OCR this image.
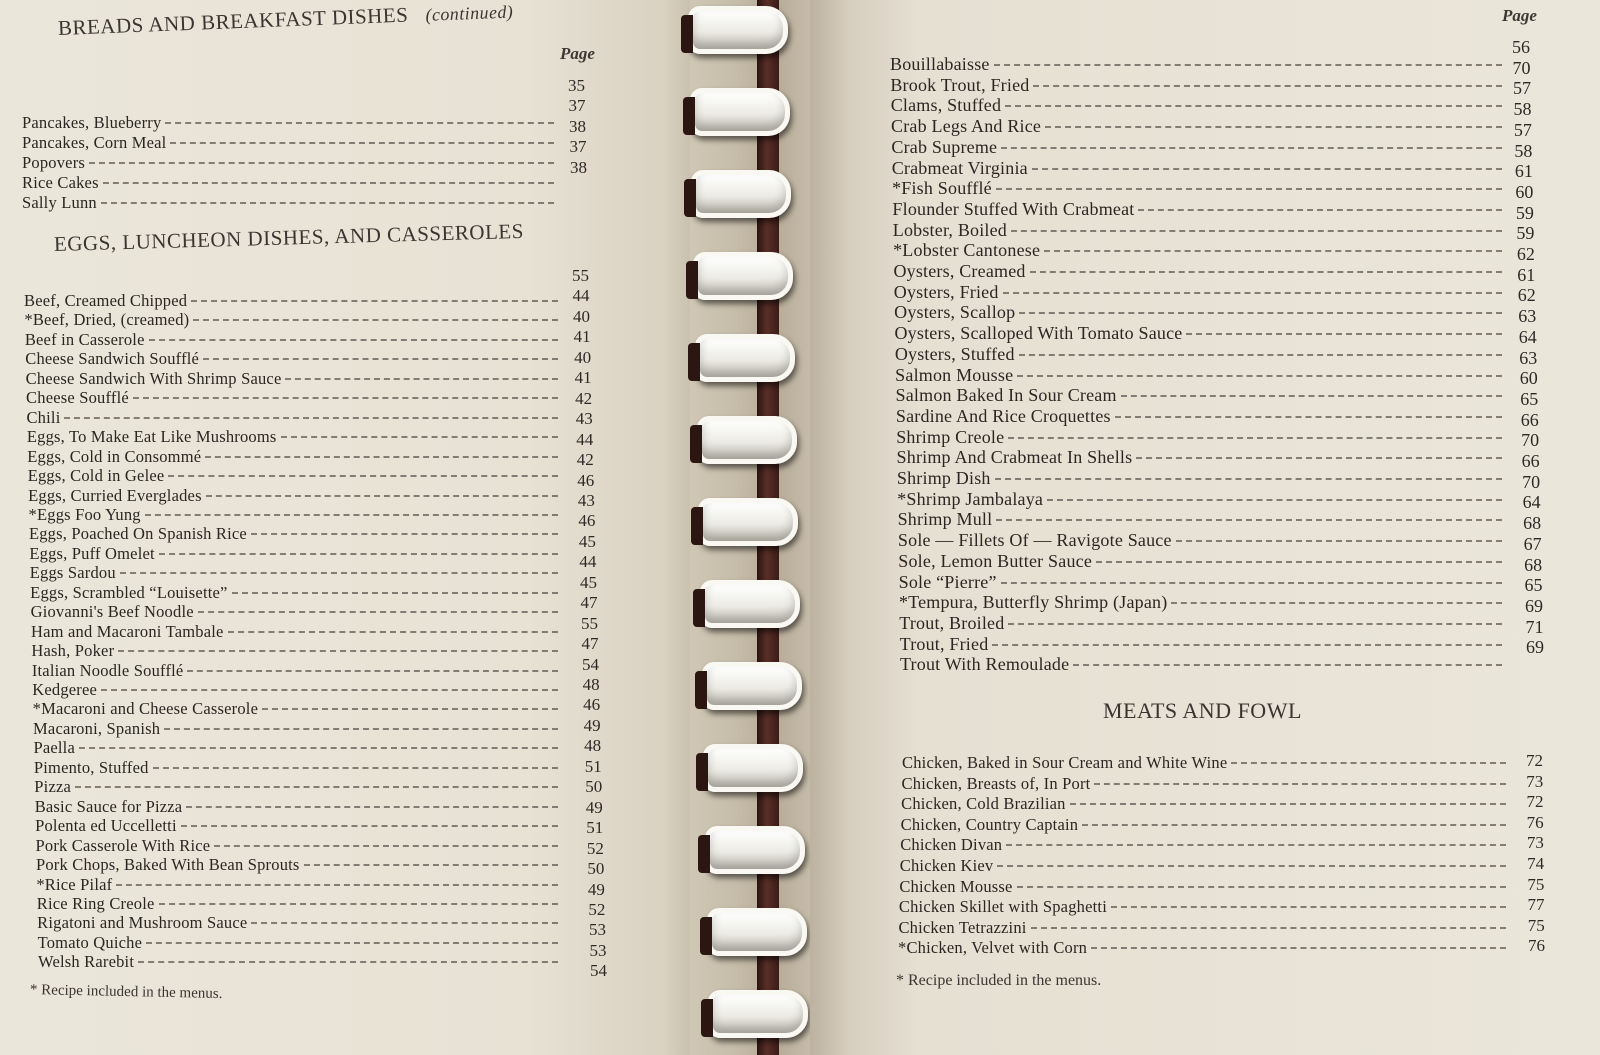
BREADS AND BREAKFAST DISHES (continued)
Page
35
37
38
37
38
Pancakes, Blueberry
Pancakes, Corn Meal
Popovers
Rice Cakes
Sally Lunn
EGGS, LUNCHEON DISHES, AND CASSEROLES
55
44
40
41
40
41
42
43
44
42
46
43
46
45
44
45
47
55
47
54
48
46
49
48
51
50
49
51
52
50
49
52
53
53
54
Beef, Creamed Chipped
*Beef, Dried, (creamed)
Beef in Casserole
Cheese Sandwich Soufflé
Cheese Sandwich With Shrimp Sauce
Cheese Soufflé
Chili
Eggs, To Make Eat Like Mushrooms
Eggs, Cold in Consommé
Eggs, Cold in Gelee
Eggs, Curried Everglades
*Eggs Foo Yung
Eggs, Poached On Spanish Rice
Eggs, Puff Omelet
Eggs Sardou
Eggs, Scrambled “Louisette”
Giovanni's Beef Noodle
Ham and Macaroni Tambale
Hash, Poker
Italian Noodle Soufflé
Kedgeree
*Macaroni and Cheese Casserole
Macaroni, Spanish
Paella
Pimento, Stuffed
Pizza
Basic Sauce for Pizza
Polenta ed Uccelletti
Pork Casserole With Rice
Pork Chops, Baked With Bean Sprouts
*Rice Pilaf
Rice Ring Creole
Rigatoni and Mushroom Sauce
Tomato Quiche
Welsh Rarebit
* Recipe included in the menus.
Page
56
70
57
58
57
58
61
60
59
59
62
61
62
63
64
63
60
65
66
70
66
70
64
68
67
68
65
69
71
69
Bouillabaisse
Brook Trout, Fried
Clams, Stuffed
Crab Legs And Rice
Crab Supreme
Crabmeat Virginia
*Fish Soufflé
Flounder Stuffed With Crabmeat
Lobster, Boiled
*Lobster Cantonese
Oysters, Creamed
Oysters, Fried
Oysters, Scallop
Oysters, Scalloped With Tomato Sauce
Oysters, Stuffed
Salmon Mousse
Salmon Baked In Sour Cream
Sardine And Rice Croquettes
Shrimp Creole
Shrimp And Crabmeat In Shells
Shrimp Dish
*Shrimp Jambalaya
Shrimp Mull
Sole — Fillets Of — Ravigote Sauce
Sole, Lemon Butter Sauce
Sole “Pierre”
*Tempura, Butterfly Shrimp (Japan)
Trout, Broiled
Trout, Fried
Trout With Remoulade
MEATS AND FOWL
72
73
72
76
73
74
75
77
75
76
Chicken, Baked in Sour Cream and White Wine
Chicken, Breasts of, In Port
Chicken, Cold Brazilian
Chicken, Country Captain
Chicken Divan
Chicken Kiev
Chicken Mousse
Chicken Skillet with Spaghetti
Chicken Tetrazzini
*Chicken, Velvet with Corn
* Recipe included in the menus.
